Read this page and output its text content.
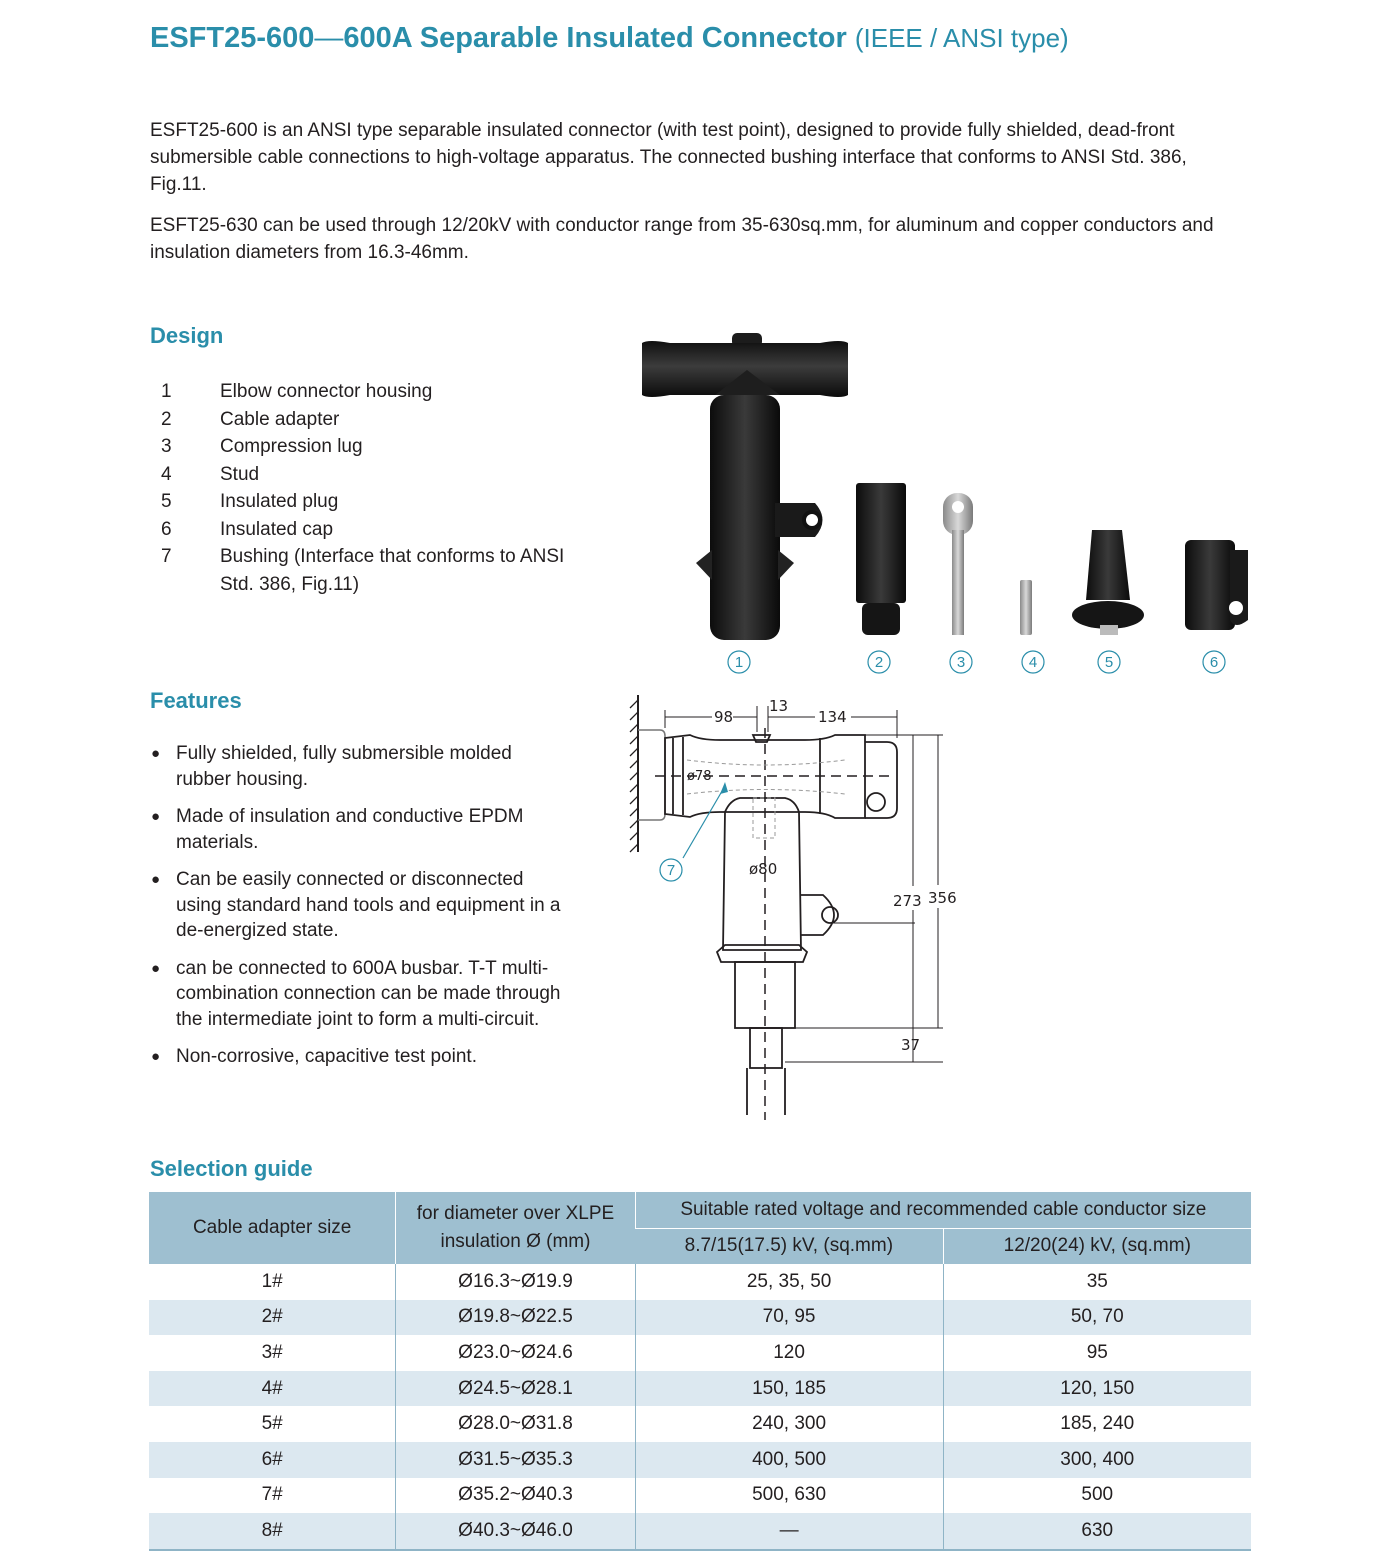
ESFT25-600—600A Separable Insulated Connector (IEEE / ANSI type)

ESFT25-600 is an ANSI type separable insulated connector (with test point), designed to provide fully shielded, dead-front submersible cable connections to high-voltage apparatus. The connected bushing interface that conforms to ANSI Std. 386, Fig.11.

ESFT25-630 can be used through 12/20kV with conductor range from 35-630sq.mm, for aluminum and copper conductors and insulation diameters from 16.3-46mm.

Design
1	Elbow connector housing
2	Cable adapter
3	Compression lug
4	Stud
5	Insulated plug
6	Insulated cap
7	Bushing (Interface that conforms to ANSI Std. 386, Fig.11)
1	2	3	4	5	6
Features
● Fully shielded, fully submersible molded rubber housing.
● Made of insulation and conductive EPDM materials.
● Can be easily connected or disconnected using standard hand tools and equipment in a de-energized state.
● can be connected to 600A busbar. T-T multi-combination connection can be made through the intermediate joint to form a multi-circuit.
● Non-corrosive, capacitive test point.
7
98
13
134
ø78
ø80
273 356
37
Selection guide
Cable adapter size	for diameter over XLPE insulation Ø (mm)	Suitable rated voltage and recommended cable conductor size	
		8.7/15(17.5) kV, (sq.mm)	12/20(24) kV, (sq.mm)
1#	Ø16.3~Ø19.9	25, 35, 50	35
2#	Ø19.8~Ø22.5	70, 95	50, 70
3#	Ø23.0~Ø24.6	120	95
4#	Ø24.5~Ø28.1	150, 185	120, 150
5#	Ø28.0~Ø31.8	240, 300	185, 240
6#	Ø31.5~Ø35.3	400, 500	300, 400
7#	Ø35.2~Ø40.3	500, 630	500
8#	Ø40.3~Ø46.0	—	630
